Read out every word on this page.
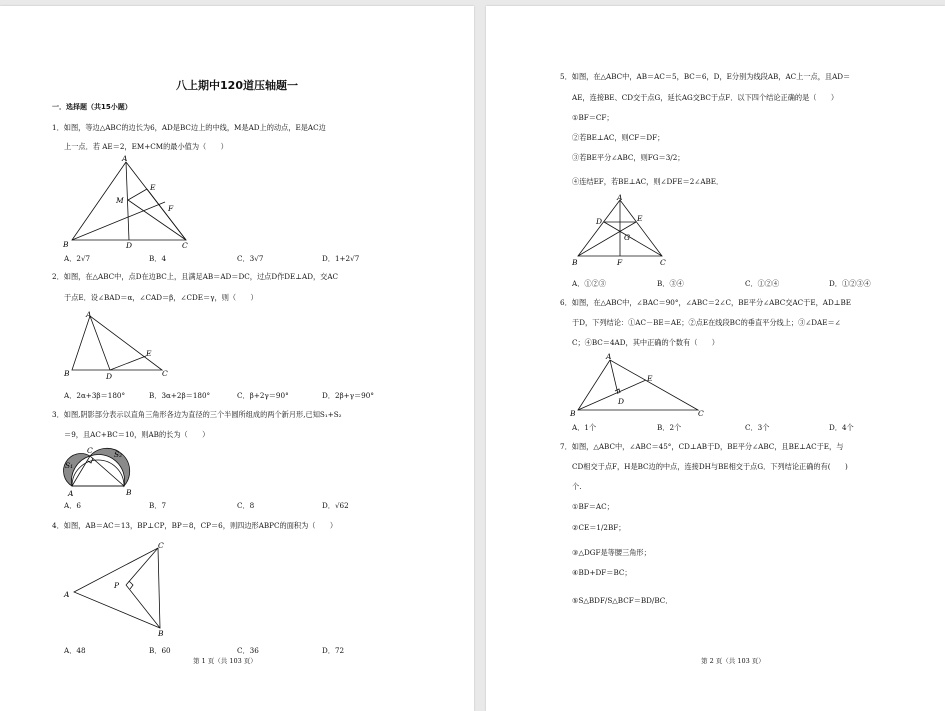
八上期中120道压轴题一
一．选择题（共15小题）
1．如图，等边△ABC的边长为6，AD是BC边上的中线，M是AD上的动点，E是AC边
上一点．若 AE＝2，EM+CM的最小值为（　　）
A
M
E
F
B	D	C
A．2√7	B．4	C．3√7	D．1+2√7
2．如图，在△ABC中，点D在边BC上，且满足AB＝AD＝DC，过点D作DE⊥AD，交AC
于点E．设∠BAD＝α，∠CAD＝β，∠CDE＝γ，则（　　）
A
E
B	D	C
A．2α+3β＝180°	B．3α+2β＝180°	C．β+2γ＝90°	D．2β+γ＝90°
3．如图,阴影部分表示以直角三角形各边为直径的三个半圆所组成的两个新月形,已知S₁+S₂
＝9，且AC+BC＝10，则AB的长为（　　）
C	S₂
S₁
A	B
A．6	B．7	C．8	D．√62
4．如图，AB＝AC＝13，BP⊥CP，BP＝8，CP＝6，则四边形ABPC的面积为（　　）
C
P
A
B
A．48	B．60	C．36	D．72
第 1 页（共 103 页）
5．如图，在△ABC中，AB＝AC＝5，BC＝6，D，E分别为线段AB，AC上一点，且AD＝
AE，连接BE、CD交于点G，延长AG交BC于点F．以下四个结论正确的是（　　）
①BF＝CF；
②若BE⊥AC，则CF＝DF；
③若BE平分∠ABC，则FG＝3/2；
④连结EF，若BE⊥AC，则∠DFE＝2∠ABE．
A
D	E
G
B	F	C
A．①②③	B．③④	C．①②④	D．①②③④
6．如图，在△ABC中，∠BAC＝90°，∠ABC＝2∠C，BE平分∠ABC交AC于E，AD⊥BE
于D，下列结论：①AC－BE＝AE；②点E在线段BC的垂直平分线上；③∠DAE＝∠
C；④BC＝4AD，其中正确的个数有（　　）
A
E
D
B	C
A．1个	B．2个	C．3个	D．4个
7．如图，△ABC中，∠ABC＝45°，CD⊥AB于D，BE平分∠ABC，且BE⊥AC于E，与
CD相交于点F，H是BC边的中点，连接DH与BE相交于点G．下列结论正确的有(　　)
个.
①BF＝AC；
②CE＝1/2BF；
③△DGF是等腰三角形；
④BD+DF＝BC；
⑤S△BDF/S△BCF＝BD/BC．
第 2 页（共 103 页）
